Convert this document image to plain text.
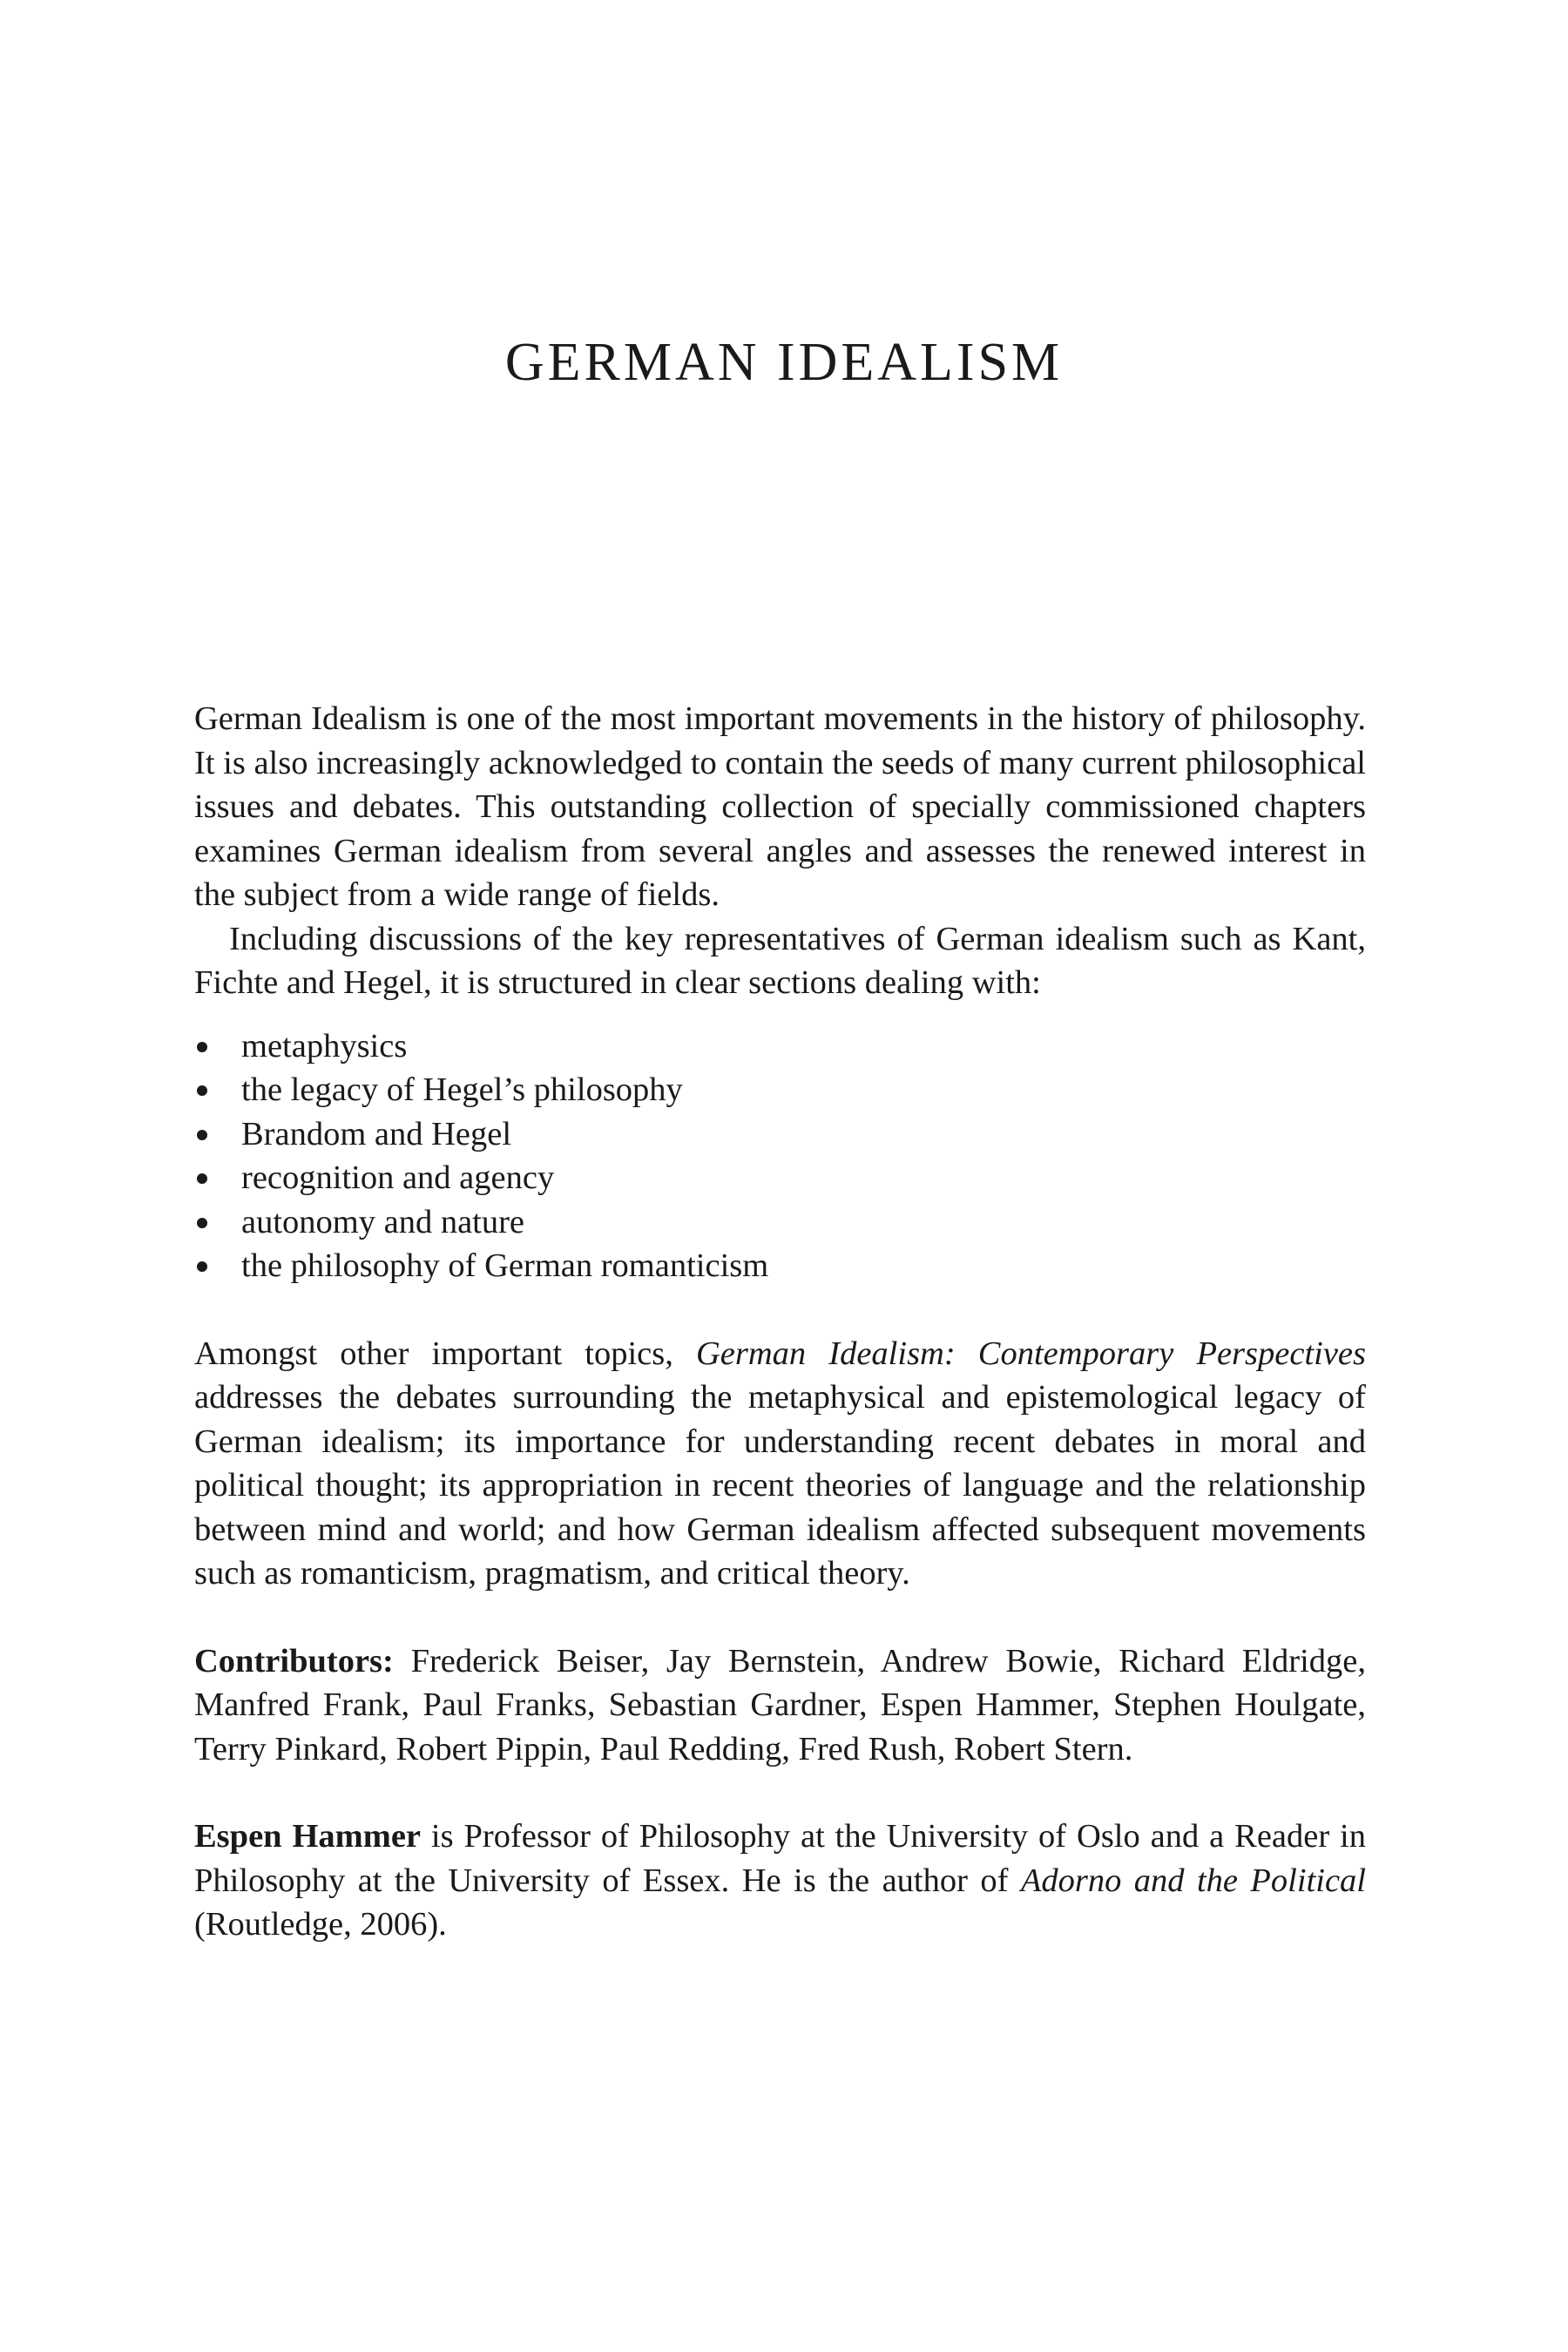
GERMAN IDEALISM

German Idealism is one of the most important movements in the history of philosophy. It is also increasingly acknowledged to contain the seeds of many current philosophical issues and debates. This outstanding collection of specially commissioned chapters examines German idealism from several angles and assesses the renewed interest in the subject from a wide range of fields.

Including discussions of the key representatives of German idealism such as Kant, Fichte and Hegel, it is structured in clear sections dealing with:

metaphysics
the legacy of Hegel’s philosophy
Brandom and Hegel
recognition and agency
autonomy and nature
the philosophy of German romanticism

Amongst other important topics, German Idealism: Contemporary Perspectives addresses the debates surrounding the metaphysical and epistemological legacy of German idealism; its importance for understanding recent debates in moral and political thought; its appropriation in recent theories of language and the relationship between mind and world; and how German idealism affected subsequent movements such as romanticism, pragmatism, and critical theory.

Contributors: Frederick Beiser, Jay Bernstein, Andrew Bowie, Richard Eldridge, Manfred Frank, Paul Franks, Sebastian Gardner, Espen Hammer, Stephen Houlgate, Terry Pinkard, Robert Pippin, Paul Redding, Fred Rush, Robert Stern.

Espen Hammer is Professor of Philosophy at the University of Oslo and a Reader in Philosophy at the University of Essex. He is the author of Adorno and the Political (Routledge, 2006).
